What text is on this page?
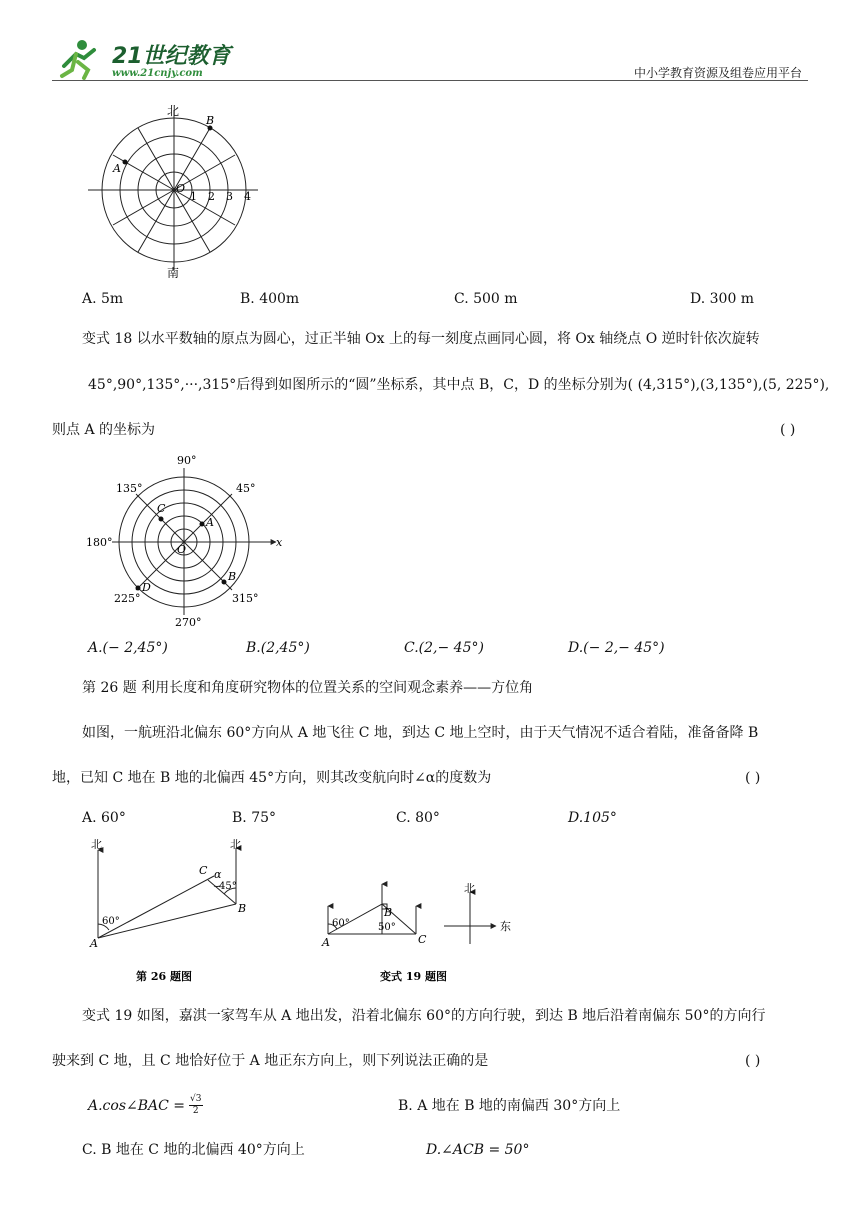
21世纪教育
www.21cnjy.com	中小学教育资源及组卷应用平台
北
南
B
A
O
1 2 3 4
A. 5m	B. 400m	C. 500 m	D. 300 m
变式 18 以水平数轴的原点为圆心，过正半轴 Ox 上的每一刻度点画同心圆，将 Ox 轴绕点 O 逆时针依次旋转
45°,90°,135°,···,315°后得到如图所示的“圆”坐标系，其中点 B，C，D 的坐标分别为( (4,315°),(3,135°),(5, 225°),
则点 A 的坐标为	( )
90°
45°
135°
180°
225°
270°
315°
x
A
B
C
D
O
A.(− 2,45°)	B.(2,45°)	C.(2,− 45°)	D.(− 2,− 45°)
第 26 题 利用长度和角度研究物体的位置关系的空间观念素养——方位角
如图，一航班沿北偏东 60°方向从 A 地飞往 C 地，到达 C 地上空时，由于天气情况不适合着陆，准备备降 B
地，已知 C 地在 B 地的北偏西 45°方向，则其改变航向时∠α的度数为	( )
A. 60°	B. 75°	C. 80°	D.105°
北	北
C α
45°
B
60°
A
第 26 题图
60°
B
50°
A	C
北
东
变式 19 题图
变式 19 如图，嘉淇一家驾车从 A 地出发，沿着北偏东 60°的方向行驶，到达 B 地后沿着南偏东 50°的方向行
驶来到 C 地，且 C 地恰好位于 A 地正东方向上，则下列说法正确的是	( )
A.cos∠BAC = $\frac{√3}{2}$	B. A 地在 B 地的南偏西 30°方向上
C. B 地在 C 地的北偏西 40°方向上	D.∠ACB = 50°
